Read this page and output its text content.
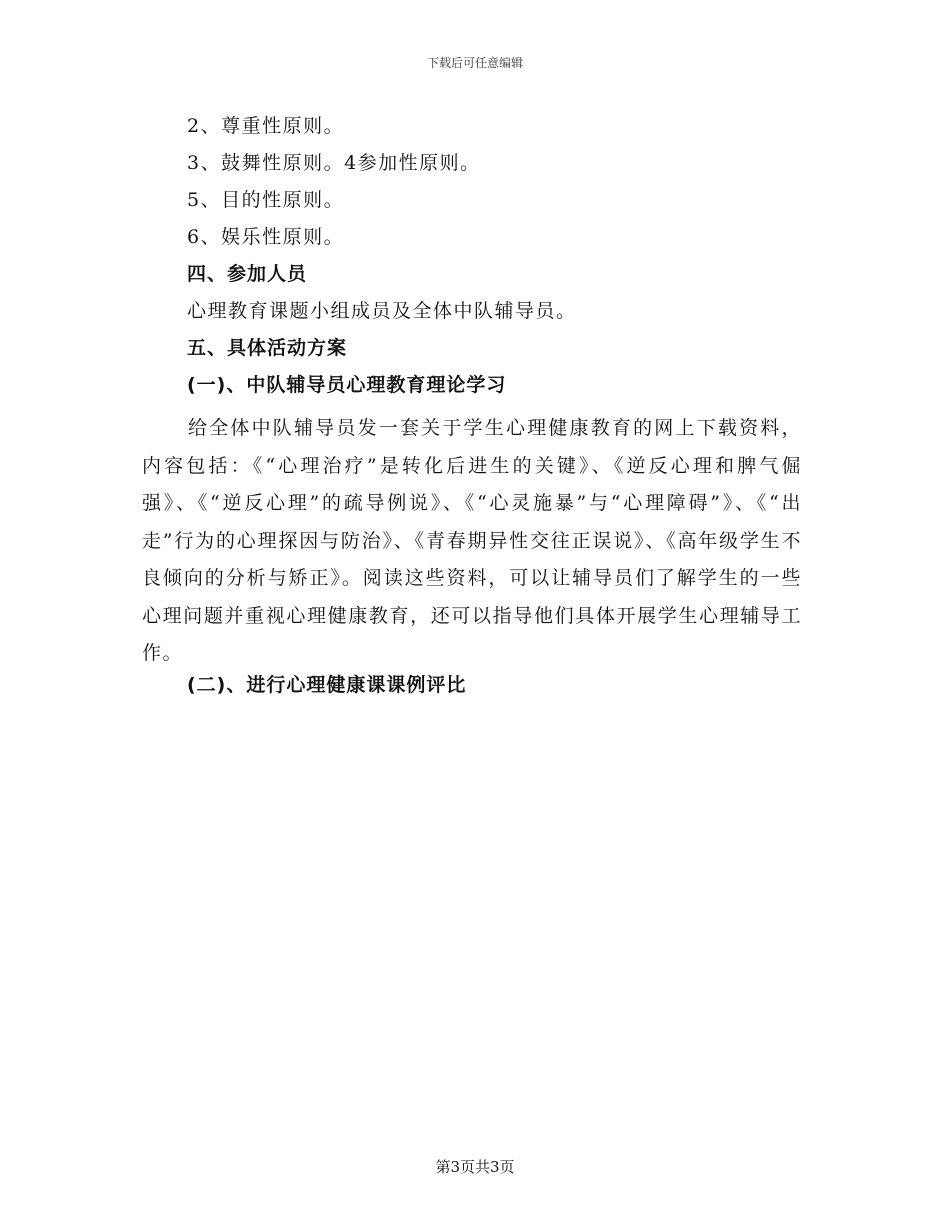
下载后可任意编辑
2、尊重性原则。
3、鼓舞性原则。4参加性原则。
5、目的性原则。
6、娱乐性原则。
四、参加人员
心理教育课题小组成员及全体中队辅导员。
五、具体活动方案
(一)、中队辅导员心理教育理论学习
给全体中队辅导员发一套关于学生心理健康教育的网上下载资料，内容包括：《“心理治疗”是转化后进生的关键》、《逆反心理和脾气倔强》、《“逆反心理”的疏导例说》、《“心灵施暴”与“心理障碍”》、《“出走”行为的心理探因与防治》、《青春期异性交往正误说》、《高年级学生不良倾向的分析与矫正》。阅读这些资料，可以让辅导员们了解学生的一些心理问题并重视心理健康教育，还可以指导他们具体开展学生心理辅导工作。
(二)、进行心理健康课课例评比
第3页共3页
